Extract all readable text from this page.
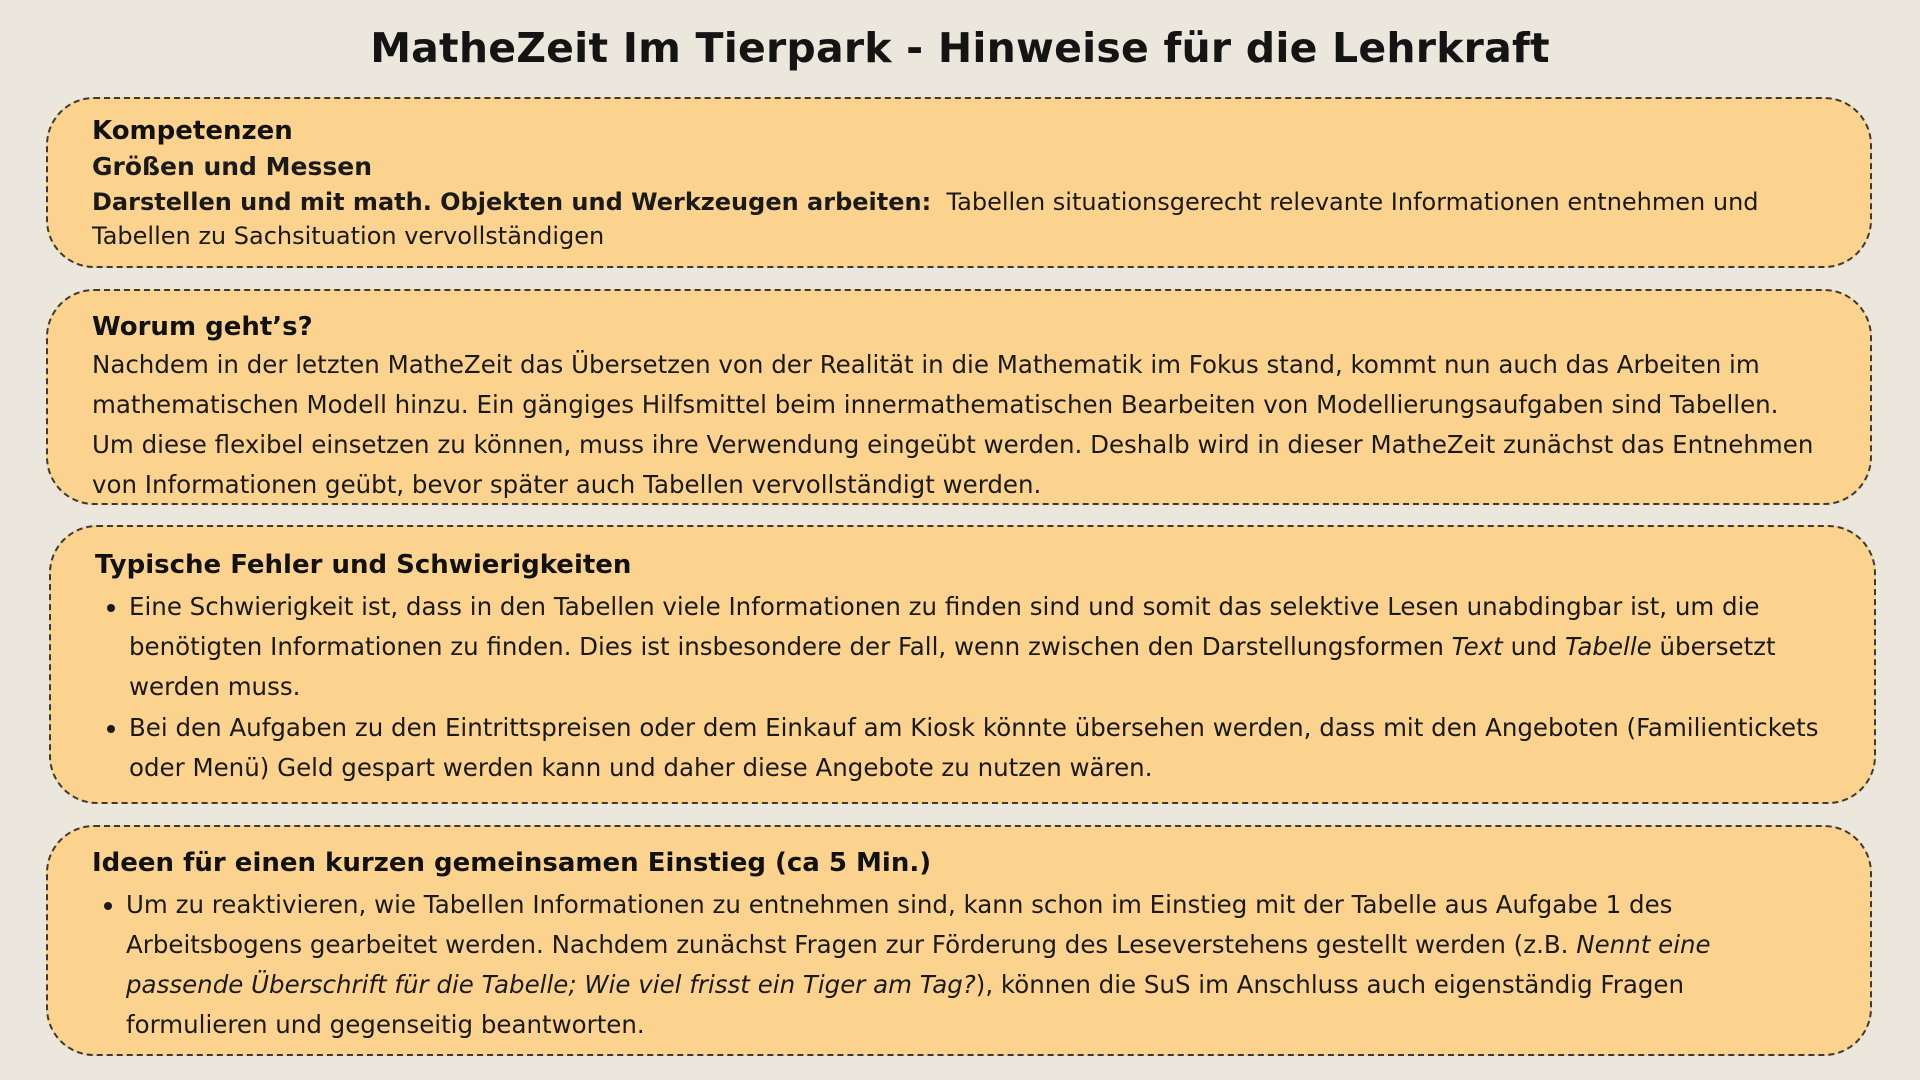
MatheZeit Im Tierpark - Hinweise für die Lehrkraft
Kompetenzen
Größen und Messen
Darstellen und mit math. Objekten und Werkzeugen arbeiten: Tabellen situationsgerecht relevante Informationen entnehmen und Tabellen zu Sachsituation vervollständigen
Worum geht’s?
Nachdem in der letzten MatheZeit das Übersetzen von der Realität in die Mathematik im Fokus stand, kommt nun auch das Arbeiten im mathematischen Modell hinzu. Ein gängiges Hilfsmittel beim innermathematischen Bearbeiten von Modellierungsaufgaben sind Tabellen. Um diese flexibel einsetzen zu können, muss ihre Verwendung eingeübt werden. Deshalb wird in dieser MatheZeit zunächst das Entnehmen von Informationen geübt, bevor später auch Tabellen vervollständigt werden.
Typische Fehler und Schwierigkeiten
• Eine Schwierigkeit ist, dass in den Tabellen viele Informationen zu finden sind und somit das selektive Lesen unabdingbar ist, um die benötigten Informationen zu finden. Dies ist insbesondere der Fall, wenn zwischen den Darstellungsformen Text und Tabelle übersetzt werden muss.
• Bei den Aufgaben zu den Eintrittspreisen oder dem Einkauf am Kiosk könnte übersehen werden, dass mit den Angeboten (Familientickets oder Menü) Geld gespart werden kann und daher diese Angebote zu nutzen wären.
Ideen für einen kurzen gemeinsamen Einstieg (ca 5 Min.)
• Um zu reaktivieren, wie Tabellen Informationen zu entnehmen sind, kann schon im Einstieg mit der Tabelle aus Aufgabe 1 des Arbeitsbogens gearbeitet werden. Nachdem zunächst Fragen zur Förderung des Leseverstehens gestellt werden (z.B. Nennt eine passende Überschrift für die Tabelle; Wie viel frisst ein Tiger am Tag?), können die SuS im Anschluss auch eigenständig Fragen formulieren und gegenseitig beantworten.
